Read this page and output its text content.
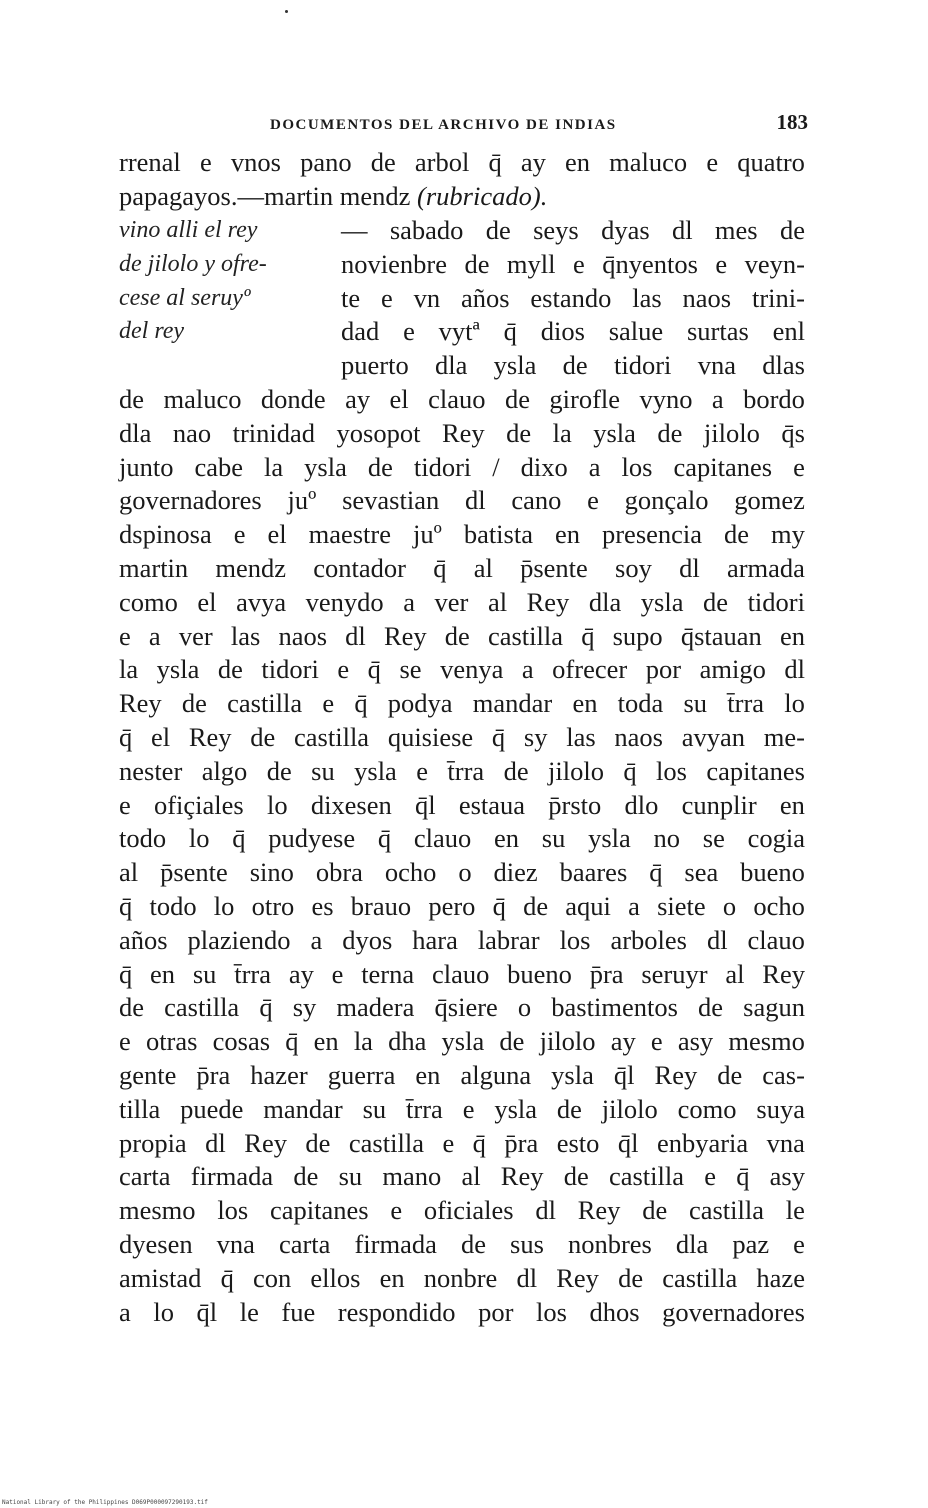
DOCUMENTOS DEL ARCHIVO DE INDIAS	183
rrenal e vnos pano de arbol q̄ ay en maluco e quatro
papagayos.—martin mendz
(rubricado).
vino alli el rey
de jilolo y ofre-
cese al seruyº
del rey
— sabado de seys dyas dl mes de
novienbre de myll e q̄nyentos e veyn-
te e vn años estando las naos trini-
dad e vytª q̄ dios salue surtas enl
puerto dla ysla de tidori vna dlas
de maluco donde ay el clauo de girofle vyno a bordo
dla nao trinidad yosopot Rey de la ysla de jilolo q̄s
junto cabe la ysla de tidori / dixo a los capitanes e
governadores juº sevastian dl cano e gonçalo gomez
dspinosa e el maestre juº batista en presencia de my
martin mendz contador q̄ al p̄sente soy dl armada
como el avya venydo a ver al Rey dla ysla de tidori
e a ver las naos dl Rey de castilla q̄ supo q̄stauan en
la ysla de tidori e q̄ se venya a ofrecer por amigo dl
Rey de castilla e q̄ podya mandar en toda su t̄rra lo
q̄ el Rey de castilla quisiese q̄ sy las naos avyan me-
nester algo de su ysla e t̄rra de jilolo q̄ los capitanes
e ofiçiales lo dixesen q̄l estaua p̄rsto dlo cunplir en
todo lo q̄ pudyese q̄ clauo en su ysla no se cogia
al p̄sente sino obra ocho o diez baares q̄ sea bueno
q̄ todo lo otro es brauo pero q̄ de aqui a siete o ocho
años plaziendo a dyos hara labrar los arboles dl clauo
q̄ en su t̄rra ay e terna clauo bueno p̄ra seruyr al Rey
de castilla q̄ sy madera q̄siere o bastimentos de sagun
e otras cosas q̄ en la dha ysla de jilolo ay e asy mesmo
gente p̄ra hazer guerra en alguna ysla q̄l Rey de cas-
tilla puede mandar su t̄rra e ysla de jilolo como suya
propia dl Rey de castilla e q̄ p̄ra esto q̄l enbyaria vna
carta firmada de su mano al Rey de castilla e q̄ asy
mesmo los capitanes e oficiales dl Rey de castilla le
dyesen vna carta firmada de sus nonbres dla paz e
amistad q̄ con ellos en nonbre dl Rey de castilla haze
a lo q̄l le fue respondido por los dhos governadores
National Library of the Philippines D069P000097290193.tif
